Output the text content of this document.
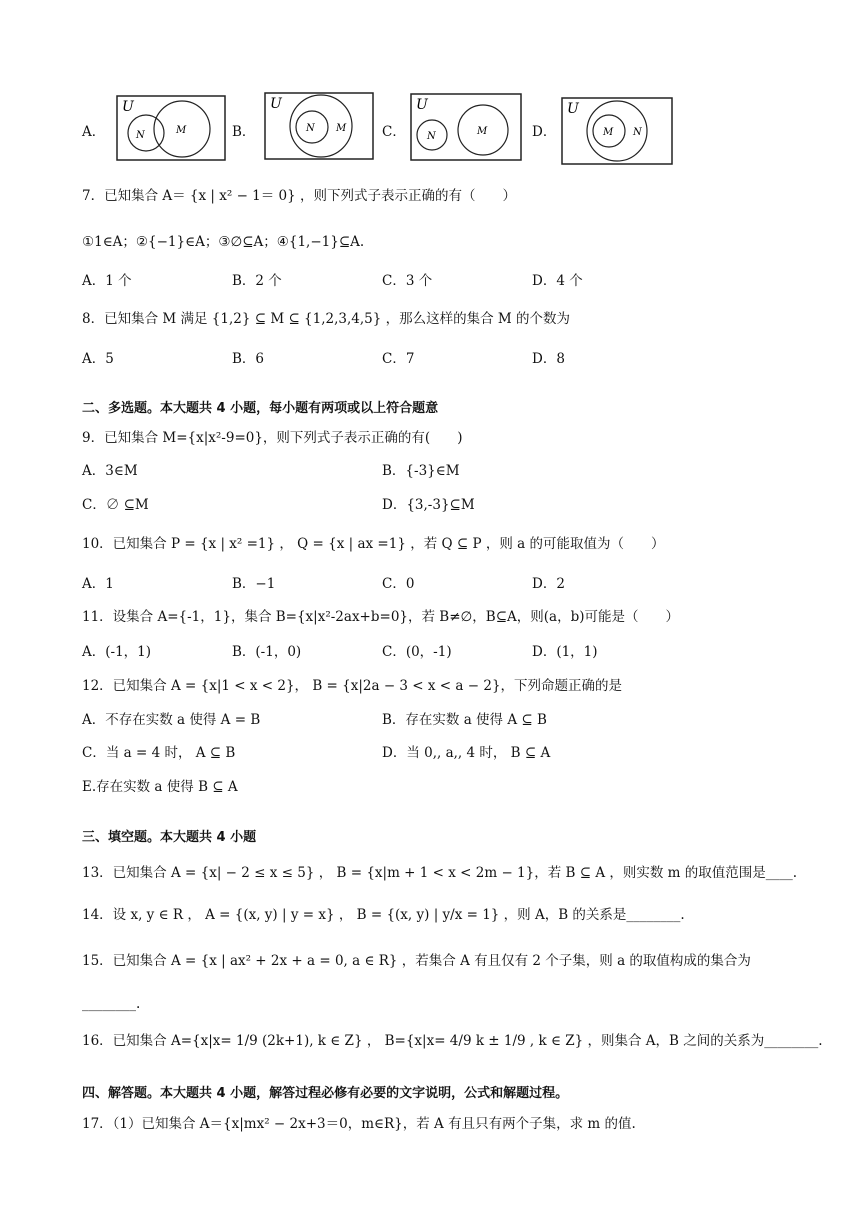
A．
U
N	M	B．
U
N M	C．
U
N	M	D．
U
M N
7．已知集合 A＝ {x | x² − 1＝ 0} ，则下列式子表示正确的有（　　）
①1∈A；②{−1}∈A；③∅⊆A；④{1,−1}⊆A.
A．1 个	B．2 个	C．3 个	D．4 个
8．已知集合 M 满足 {1,2} ⊆ M ⊆ {1,2,3,4,5} ，那么这样的集合 M 的个数为
A．5	B．6	C．7	D．8
二、多选题。本大题共 4 小题，每小题有两项或以上符合题意
9．已知集合 M={x|x²-9=0}，则下列式子表示正确的有(　　)
A．3∈M	B．{-3}∈M
C．∅ ⊆M	D．{3,-3}⊆M
10．已知集合 P = {x | x² =1} ， Q = {x | ax =1} ，若 Q ⊆ P ，则 a 的可能取值为（　　）
A．1	B．−1	C．0	D．2
11．设集合 A={-1，1}，集合 B={x|x²-2ax+b=0}，若 B≠∅，B⊆A，则(a，b)可能是（　　）
A．(-1，1)	B．(-1，0)	C．(0，-1)	D．(1，1)
12．已知集合 A = {x|1 < x < 2}， B = {x|2a − 3 < x < a − 2}，下列命题正确的是
A．不存在实数 a 使得 A = B	B．存在实数 a 使得 A ⊆ B
C．当 a = 4 时， A ⊆ B	D．当 0,, a,, 4 时， B ⊆ A
E.存在实数 a 使得 B ⊆ A
三、填空题。本大题共 4 小题
13．已知集合 A = {x| − 2 ≤ x ≤ 5} ， B = {x|m + 1 < x < 2m − 1}，若 B ⊆ A ，则实数 m 的取值范围是____.
14．设 x, y ∈ R ， A = {(x, y) | y = x} ， B = {(x, y) | y/x = 1} ，则 A，B 的关系是________.
15．已知集合 A = {x | ax² + 2x + a = 0, a ∈ R} ，若集合 A 有且仅有 2 个子集，则 a 的取值构成的集合为
________.
16．已知集合 A={x|x= 1/9 (2k+1), k ∈ Z} ， B={x|x= 4/9 k ± 1/9 , k ∈ Z} ，则集合 A，B 之间的关系为________.
四、解答题。本大题共 4 小题，解答过程必修有必要的文字说明，公式和解题过程。
17．（1）已知集合 A＝{x|mx² − 2x+3＝0，m∈R}，若 A 有且只有两个子集，求 m 的值.
